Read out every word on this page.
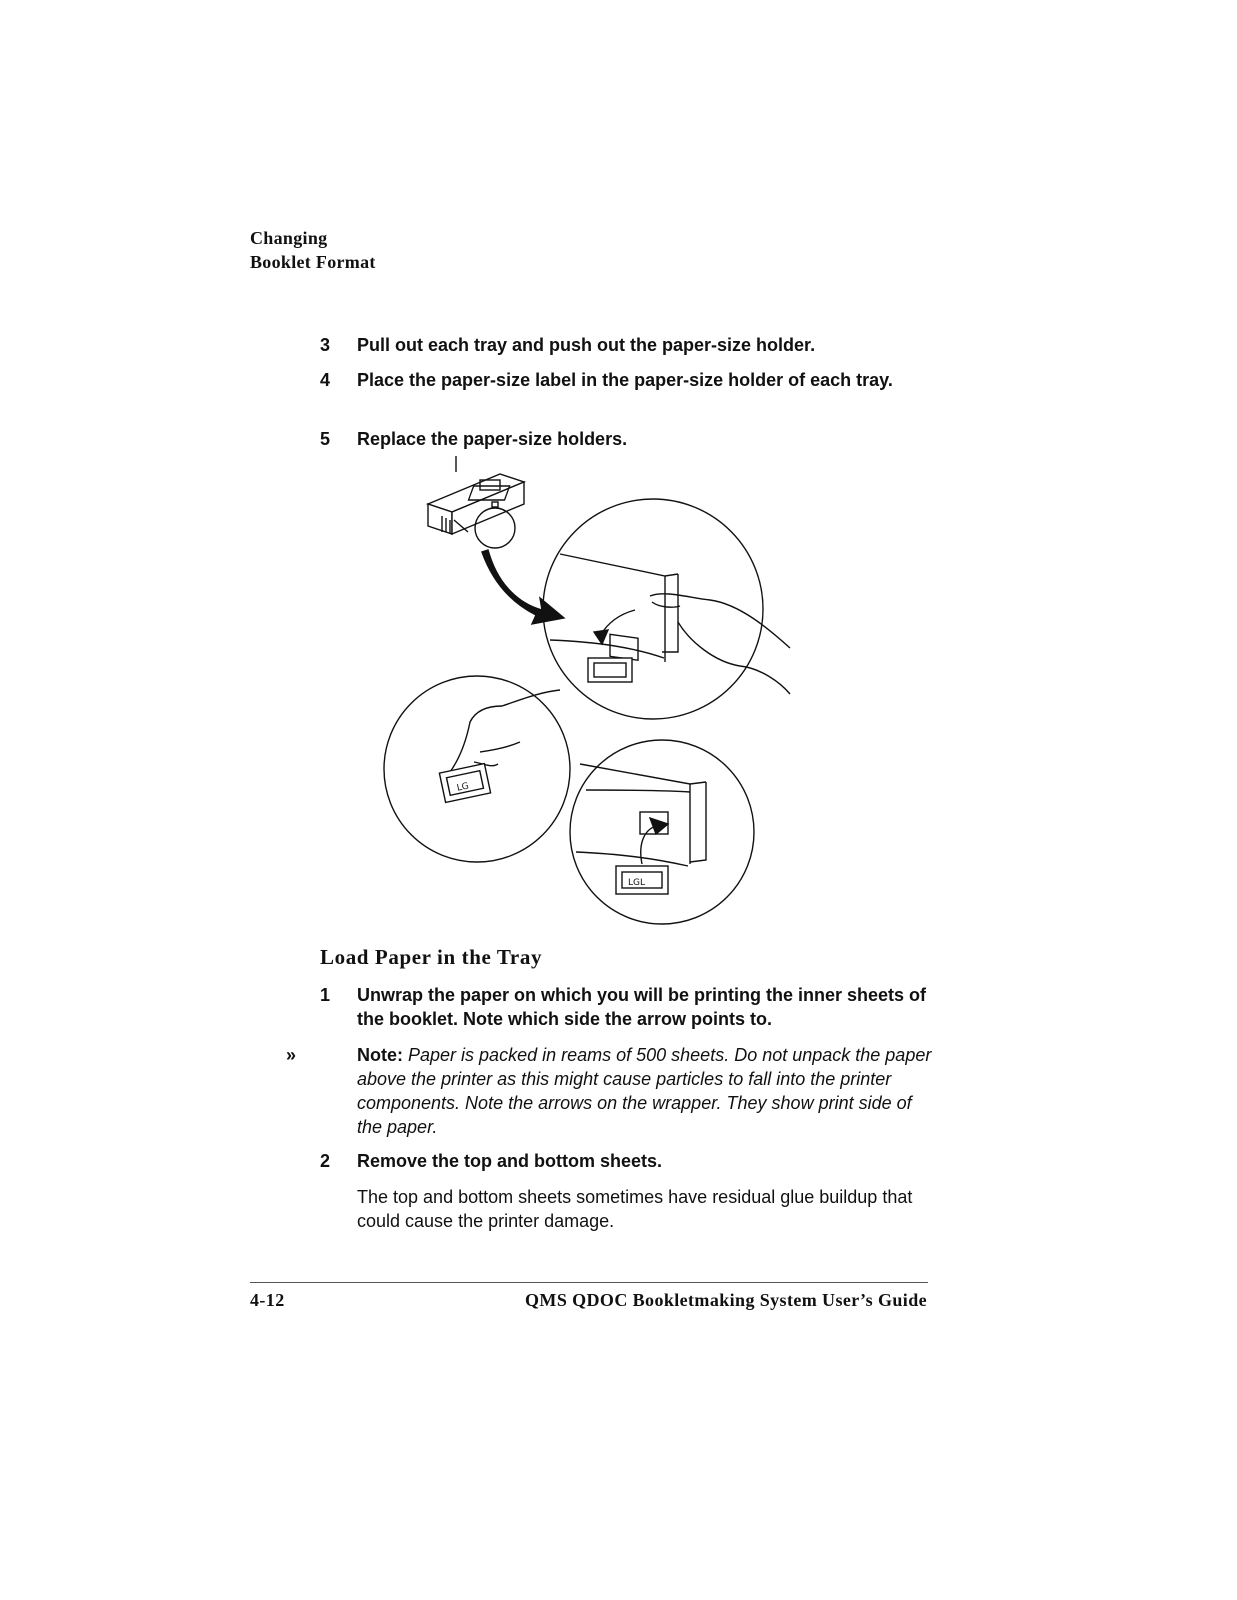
Changing
Booklet Format
3 Pull out each tray and push out the paper-size holder.
4 Place the paper-size label in the paper-size holder of each tray.
5 Replace the paper-size holders.
LG
LGL
Load Paper in the Tray
1 Unwrap the paper on which you will be printing the inner sheets of the booklet. Note which side the arrow points to.
»	Note: Paper is packed in reams of 500 sheets. Do not unpack the paper above the printer as this might cause particles to fall into the printer components. Note the arrows on the wrapper. They show print side of the paper.
2 Remove the top and bottom sheets.
The top and bottom sheets sometimes have residual glue buildup that could cause the printer damage.
4-12	QMS QDOC Bookletmaking System User’s Guide
